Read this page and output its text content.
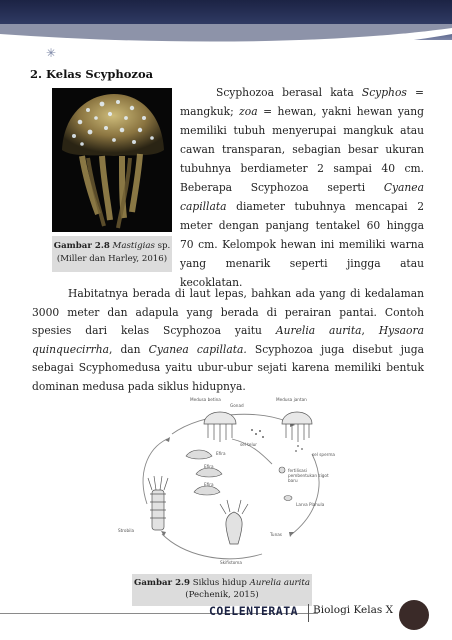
✳
2. Kelas Scyphozoa
Gambar 2.8 Mastigias sp.
(Miller dan Harley, 2016)

Scyphozoa berasal kata Scyphos = mangkuk; zoa = hewan, yakni hewan yang memiliki tubuh menyerupai mangkuk atau cawan transparan, sebagian besar ukuran tubuhnya berdiameter 2 sampai 40 cm. Beberapa Scyphozoa seperti Cyanea capillata diameter tubuhnya mencapai 2 meter dengan panjang tentakel 60 hingga 70 cm. Kelompok hewan ini memiliki warna yang menarik seperti jingga atau kecoklatan.

Habitatnya berada di laut lepas, bahkan ada yang di kedalaman 3000 meter dan adapula yang berada di perairan pantai. Contoh spesies dari kelas Scyphozoa yaitu Aurelia aurita, Hysaora quinquecirrha, dan Cyanea capillata. Scyphozoa juga disebut juga sebagai Scyphomedusa yaitu ubur-ubur sejati karena memiliki bentuk dominan medusa pada siklus hidupnya.

Medusa betina
Gonad
Medusa jantan
sel telur
sel sperma
fertilisasi pembentukan zigot baru
Efira
Efira
Efira
Larva Planula
Strobila
Tunas
Skifistoma
Gambar 2.9 Siklus hidup Aurelia aurita
(Pechenik, 2015)
COELENTERATA Biologi Kelas X
